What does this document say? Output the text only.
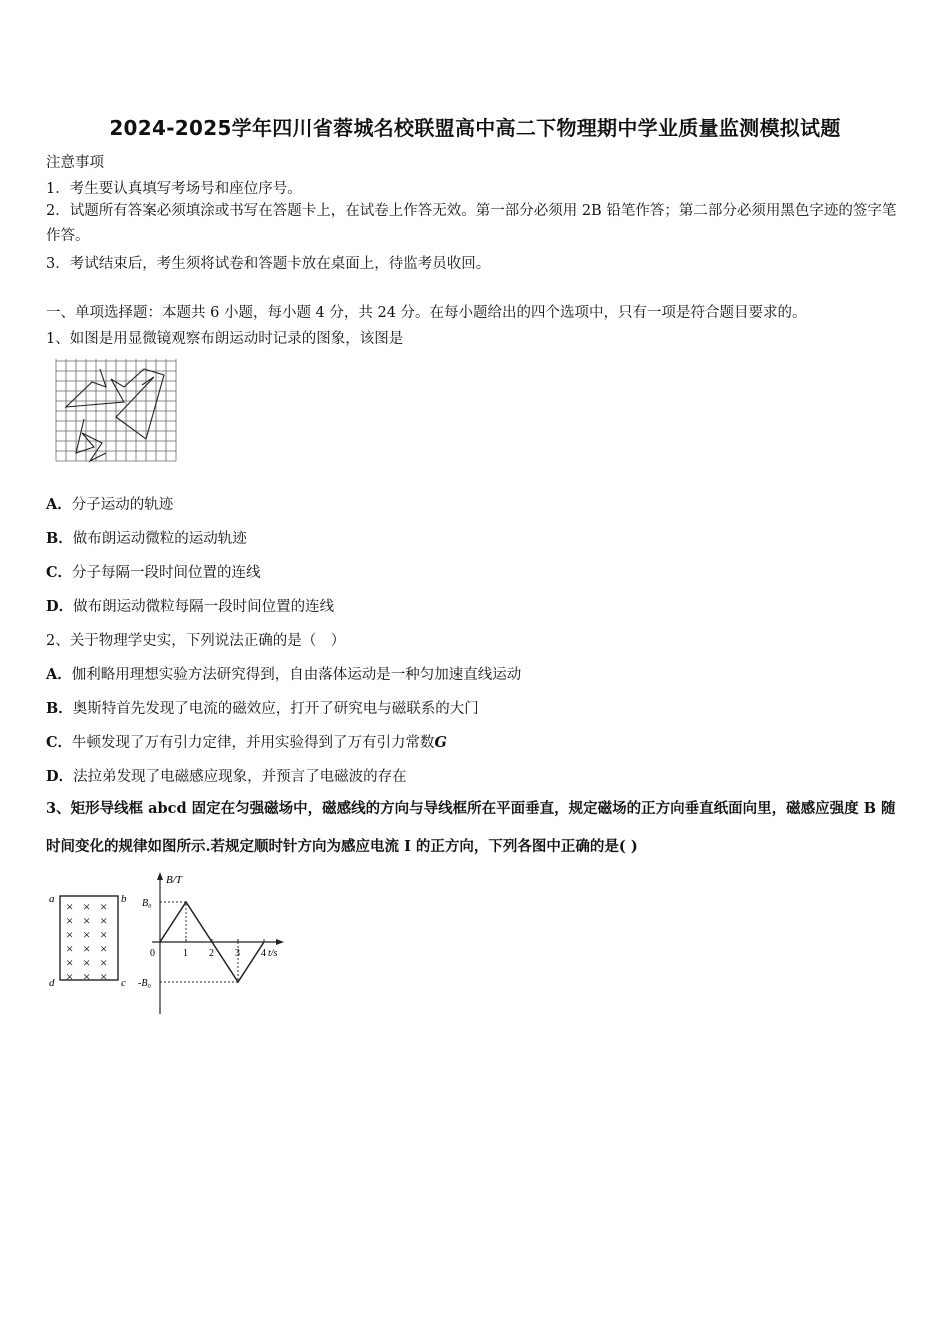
2024-2025学年四川省蓉城名校联盟高中高二下物理期中学业质量监测模拟试题
注意事项
1．考生要认真填写考场号和座位序号。
2．试题所有答案必须填涂或书写在答题卡上，在试卷上作答无效。第一部分必须用 2B 铅笔作答；第二部分必须用黑色字迹的签字笔作答。
3．考试结束后，考生须将试卷和答题卡放在桌面上，待监考员收回。
一、单项选择题：本题共 6 小题，每小题 4 分，共 24 分。在每小题给出的四个选项中，只有一项是符合题目要求的。
1、如图是用显微镜观察布朗运动时记录的图象，该图是
A．分子运动的轨迹
B．做布朗运动微粒的运动轨迹
C．分子每隔一段时间位置的连线
D．做布朗运动微粒每隔一段时间位置的连线
2、关于物理学史实，下列说法正确的是（　）
A．伽利略用理想实验方法研究得到，自由落体运动是一种匀加速直线运动
B．奥斯特首先发现了电流的磁效应，打开了研究电与磁联系的大门
C．牛顿发现了万有引力定律，并用实验得到了万有引力常数G
D．法拉弟发现了电磁感应现象，并预言了电磁波的存在
3、矩形导线框 abcd 固定在匀强磁场中，磁感线的方向与导线框所在平面垂直，规定磁场的正方向垂直纸面向里，磁感应强度 B 随时间变化的规律如图所示.若规定顺时针方向为感应电流 I 的正方向，下列各图中正确的是( )
a	b
c
d
× × ×
× × ×
× × ×
× × ×
× × ×
× × ×
B/T
t/s
0	1 2 3 4
B₀
-B₀
